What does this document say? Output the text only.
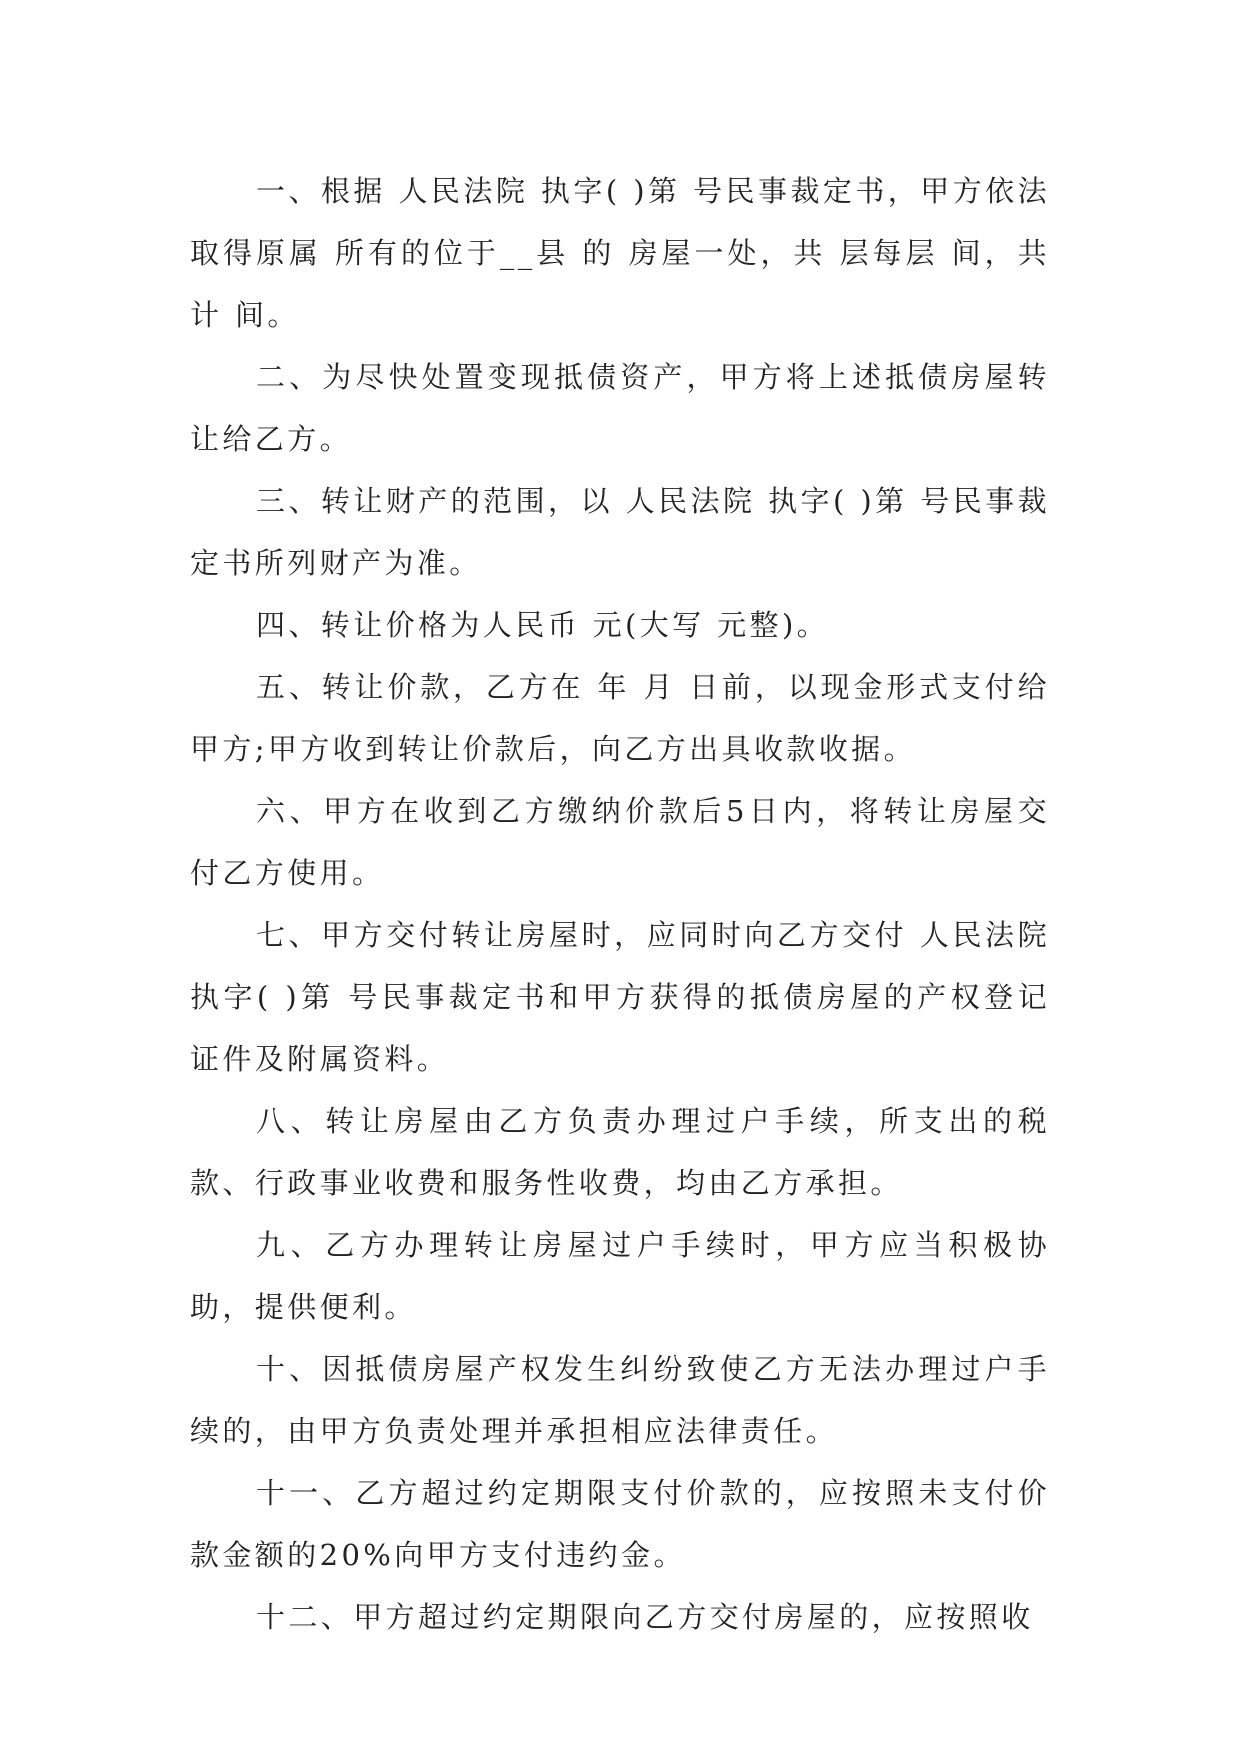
一、根据 人民法院 执字( )第 号民事裁定书，甲方依法取得原属 所有的位于__县 的 房屋一处，共 层每层 间，共计 间。

二、为尽快处置变现抵债资产，甲方将上述抵债房屋转让给乙方。

三、转让财产的范围，以 人民法院 执字( )第 号民事裁定书所列财产为准。

四、转让价格为人民币 元(大写 元整)。

五、转让价款，乙方在 年 月 日前，以现金形式支付给甲方;甲方收到转让价款后，向乙方出具收款收据。

六、甲方在收到乙方缴纳价款后5日内，将转让房屋交付乙方使用。

七、甲方交付转让房屋时，应同时向乙方交付 人民法院 执字( )第 号民事裁定书和甲方获得的抵债房屋的产权登记证件及附属资料。

八、转让房屋由乙方负责办理过户手续，所支出的税款、行政事业收费和服务性收费，均由乙方承担。

九、乙方办理转让房屋过户手续时，甲方应当积极协助，提供便利。

十、因抵债房屋产权发生纠纷致使乙方无法办理过户手续的，由甲方负责处理并承担相应法律责任。

十一、乙方超过约定期限支付价款的，应按照未支付价款金额的20%向甲方支付违约金。

十二、甲方超过约定期限向乙方交付房屋的，应按照收
